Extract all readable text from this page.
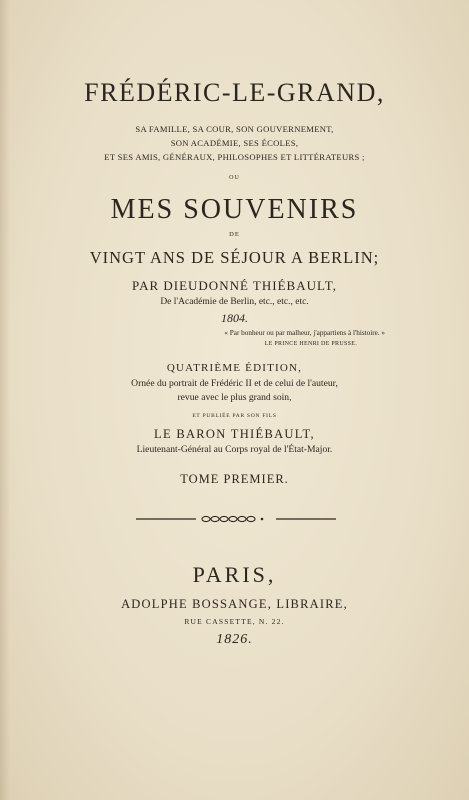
FRÉDÉRIC-LE-GRAND,
SA FAMILLE, SA COUR, SON GOUVERNEMENT,
SON ACADÉMIE, SES ÉCOLES,
ET SES AMIS, GÉNÉRAUX, PHILOSOPHES ET LITTÉRATEURS ;
OU
MES SOUVENIRS
DE
VINGT ANS DE SÉJOUR A BERLIN;
PAR DIEUDONNÉ THIÉBAULT,
De l'Académie de Berlin, etc., etc., etc.
1804.
« Par bonheur ou par malheur, j'appartiens à l'histoire. »
LE PRINCE HENRI DE PRUSSE.
QUATRIÈME ÉDITION,
Ornée du portrait de Frédéric II et de celui de l'auteur,
revue avec le plus grand soin,
ET PUBLIÉE PAR SON FILS
LE BARON THIÉBAULT,
Lieutenant-Général au Corps royal de l'État-Major.
TOME PREMIER.
PARIS,
ADOLPHE BOSSANGE, LIBRAIRE,
RUE CASSETTE, N. 22.
1826.
